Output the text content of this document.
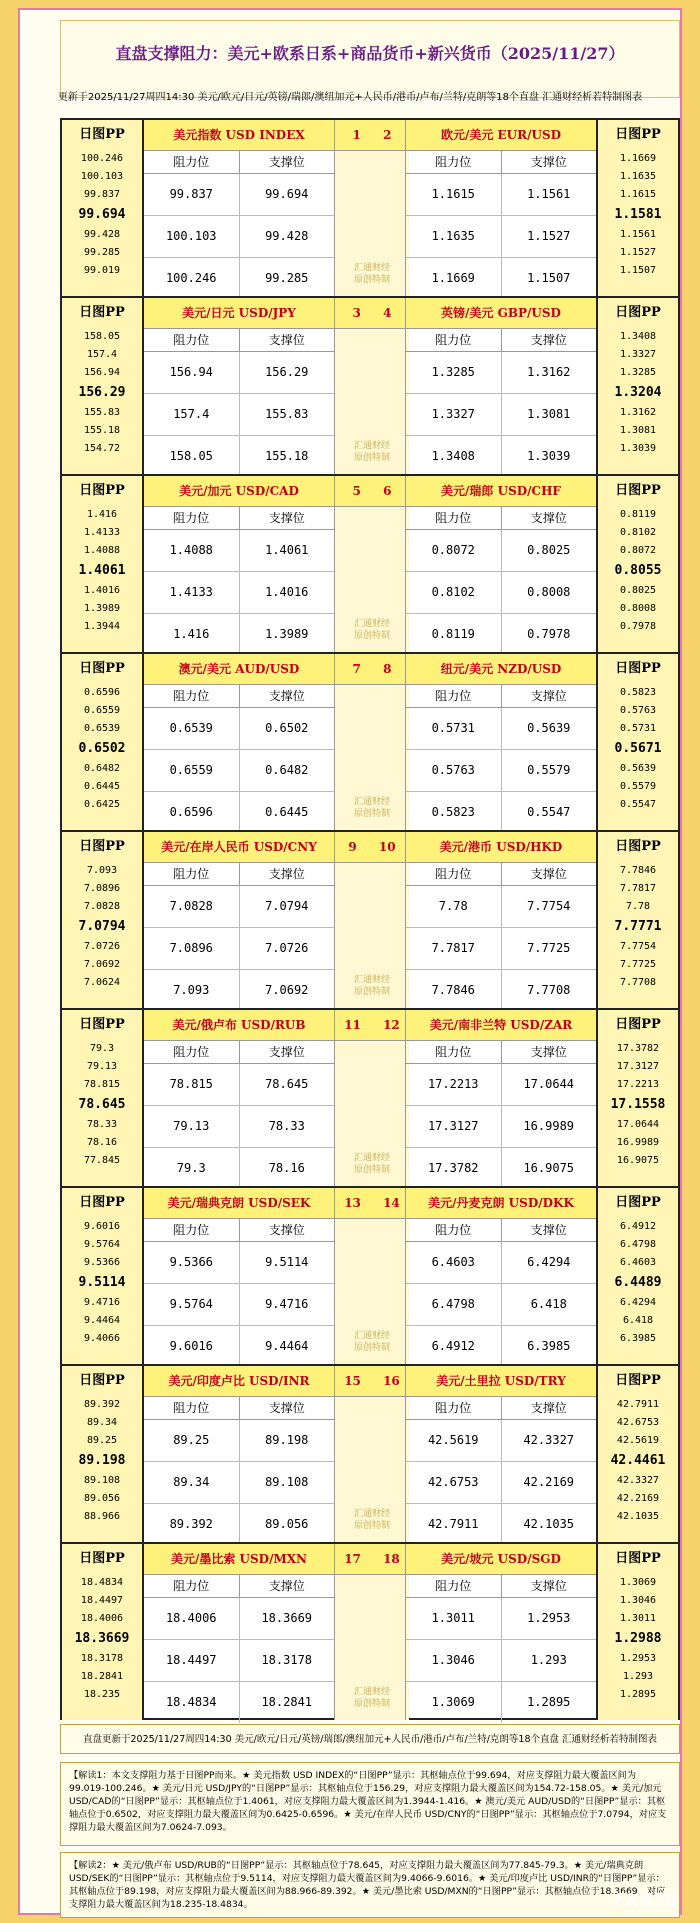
直盘支撑阻力：美元+欧系日系+商品货币+新兴货币（2025/11/27）
更新于2025/11/27周四14:30 美元/欧元/日元/英镑/瑞郎/澳纽加元+人民币/港币/卢布/兰特/克朗等18个直盘 汇通财经析若特制图表
日图PP
100.246
100.103
99.837
99.694
99.428
99.285
99.019
美元指数 USD INDEX
阻力位	支撑位
99.837	99.694
100.103	99.428
100.246	99.285
1 2
汇通财经
原创特制
欧元/美元 EUR/USD
阻力位	支撑位
1.1615	1.1561
1.1635	1.1527
1.1669	1.1507
日图PP
1.1669
1.1635
1.1615
1.1581
1.1561
1.1527
1.1507
日图PP
158.05
157.4
156.94
156.29
155.83
155.18
154.72
美元/日元 USD/JPY
阻力位	支撑位
156.94	156.29
157.4	155.83
158.05	155.18
3 4
汇通财经
原创特制
英镑/美元 GBP/USD
阻力位	支撑位
1.3285	1.3162
1.3327	1.3081
1.3408	1.3039
日图PP
1.3408
1.3327
1.3285
1.3204
1.3162
1.3081
1.3039
日图PP
1.416
1.4133
1.4088
1.4061
1.4016
1.3989
1.3944
美元/加元 USD/CAD
阻力位	支撑位
1.4088	1.4061
1.4133	1.4016
1.416	1.3989
5 6
汇通财经
原创特制
美元/瑞郎 USD/CHF
阻力位	支撑位
0.8072	0.8025
0.8102	0.8008
0.8119	0.7978
日图PP
0.8119
0.8102
0.8072
0.8055
0.8025
0.8008
0.7978
日图PP
0.6596
0.6559
0.6539
0.6502
0.6482
0.6445
0.6425
澳元/美元 AUD/USD
阻力位	支撑位
0.6539	0.6502
0.6559	0.6482
0.6596	0.6445
7 8
汇通财经
原创特制
纽元/美元 NZD/USD
阻力位	支撑位
0.5731	0.5639
0.5763	0.5579
0.5823	0.5547
日图PP
0.5823
0.5763
0.5731
0.5671
0.5639
0.5579
0.5547
日图PP
7.093
7.0896
7.0828
7.0794
7.0726
7.0692
7.0624
美元/在岸人民币 USD/CNY
阻力位	支撑位
7.0828	7.0794
7.0896	7.0726
7.093	7.0692
9 10
汇通财经
原创特制
美元/港币 USD/HKD
阻力位	支撑位
7.78	7.7754
7.7817	7.7725
7.7846	7.7708
日图PP
7.7846
7.7817
7.78
7.7771
7.7754
7.7725
7.7708
日图PP
79.3
79.13
78.815
78.645
78.33
78.16
77.845
美元/俄卢布 USD/RUB
阻力位	支撑位
78.815	78.645
79.13	78.33
79.3	78.16
11 12
汇通财经
原创特制
美元/南非兰特 USD/ZAR
阻力位	支撑位
17.2213	17.0644
17.3127	16.9989
17.3782	16.9075
日图PP
17.3782
17.3127
17.2213
17.1558
17.0644
16.9989
16.9075
日图PP
9.6016
9.5764
9.5366
9.5114
9.4716
9.4464
9.4066
美元/瑞典克朗 USD/SEK
阻力位	支撑位
9.5366	9.5114
9.5764	9.4716
9.6016	9.4464
13 14
汇通财经
原创特制
美元/丹麦克朗 USD/DKK
阻力位	支撑位
6.4603	6.4294
6.4798	6.418
6.4912	6.3985
日图PP
6.4912
6.4798
6.4603
6.4489
6.4294
6.418
6.3985
日图PP
89.392
89.34
89.25
89.198
89.108
89.056
88.966
美元/印度卢比 USD/INR
阻力位	支撑位
89.25	89.198
89.34	89.108
89.392	89.056
15 16
汇通财经
原创特制
美元/土里拉 USD/TRY
阻力位	支撑位
42.5619	42.3327
42.6753	42.2169
42.7911	42.1035
日图PP
42.7911
42.6753
42.5619
42.4461
42.3327
42.2169
42.1035
日图PP
18.4834
18.4497
18.4006
18.3669
18.3178
18.2841
18.235
美元/墨比索 USD/MXN
阻力位	支撑位
18.4006	18.3669
18.4497	18.3178
18.4834	18.2841
17 18
汇通财经
原创特制
美元/坡元 USD/SGD
阻力位	支撑位
1.3011	1.2953
1.3046	1.293
1.3069	1.2895
日图PP
1.3069
1.3046
1.3011
1.2988
1.2953
1.293
1.2895
直盘更新于2025/11/27周四14:30 美元/欧元/日元/英镑/瑞郎/澳纽加元+人民币/港币/卢布/兰特/克朗等18个直盘 汇通财经析若特制图表
【解读1：本文支撑阻力基于日图PP而来。★ 美元指数 USD INDEX的“日图PP”显示：其枢轴点位于99.694，对应支撑阻力最大覆盖区间为99.019-100.246。★ 美元/日元 USD/JPY的“日图PP”显示：其枢轴点位于156.29，对应支撑阻力最大覆盖区间为154.72-158.05。★ 美元/加元 USD/CAD的“日图PP”显示：其枢轴点位于1.4061，对应支撑阻力最大覆盖区间为1.3944-1.416。★ 澳元/美元 AUD/USD的“日图PP”显示：其枢轴点位于0.6502，对应支撑阻力最大覆盖区间为0.6425-0.6596。★ 美元/在岸人民币 USD/CNY的“日图PP”显示：其枢轴点位于7.0794，对应支撑阻力最大覆盖区间为7.0624-7.093。
【解读2：★ 美元/俄卢布 USD/RUB的“日图PP”显示：其枢轴点位于78.645，对应支撑阻力最大覆盖区间为77.845-79.3。★ 美元/瑞典克朗 USD/SEK的“日图PP”显示：其枢轴点位于9.5114，对应支撑阻力最大覆盖区间为9.4066-9.6016。★ 美元/印度卢比 USD/INR的“日图PP”显示：其枢轴点位于89.198，对应支撑阻力最大覆盖区间为88.966-89.392。★ 美元/墨比索 USD/MXN的“日图PP”显示：其枢轴点位于18.3669，对应支撑阻力最大覆盖区间为18.235-18.4834。	FX678
